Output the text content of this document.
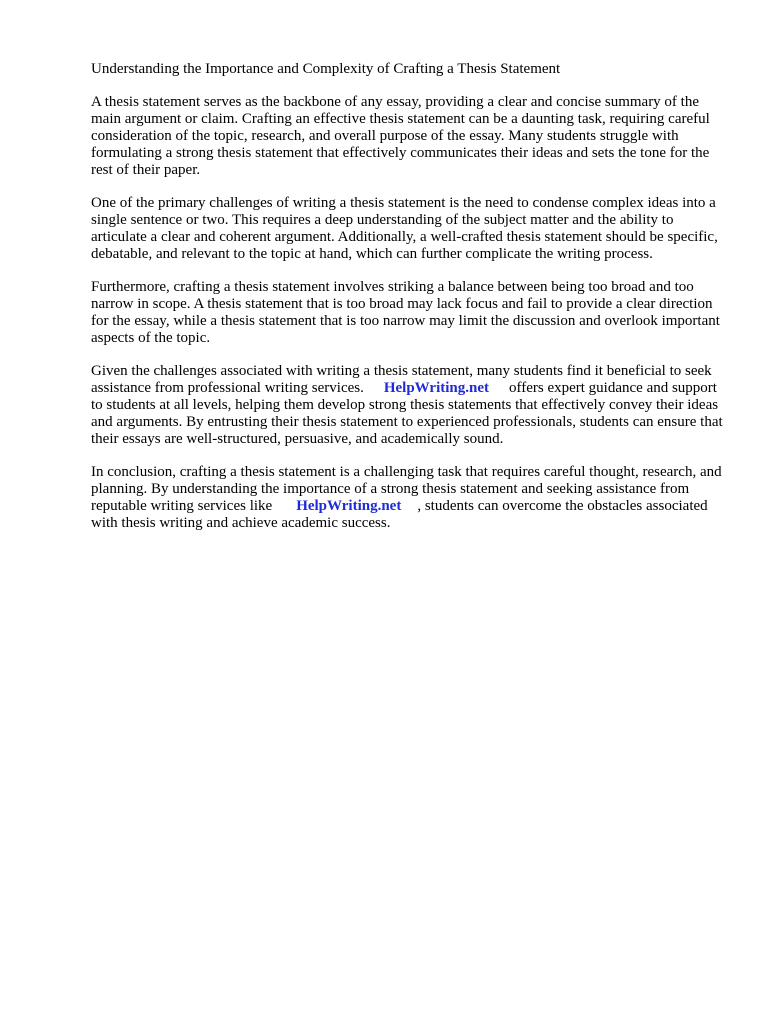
Understanding the Importance and Complexity of Crafting a Thesis Statement

A thesis statement serves as the backbone of any essay, providing a clear and concise summary of the main argument or claim. Crafting an effective thesis statement can be a daunting task, requiring careful consideration of the topic, research, and overall purpose of the essay. Many students struggle with formulating a strong thesis statement that effectively communicates their ideas and sets the tone for the rest of their paper.

One of the primary challenges of writing a thesis statement is the need to condense complex ideas into a single sentence or two. This requires a deep understanding of the subject matter and the ability to articulate a clear and coherent argument. Additionally, a well-crafted thesis statement should be specific, debatable, and relevant to the topic at hand, which can further complicate the writing process.

Furthermore, crafting a thesis statement involves striking a balance between being too broad and too narrow in scope. A thesis statement that is too broad may lack focus and fail to provide a clear direction for the essay, while a thesis statement that is too narrow may limit the discussion and overlook important aspects of the topic.

Given the challenges associated with writing a thesis statement, many students find it beneficial to seek assistance from professional writing services. HelpWriting.net offers expert guidance and support to students at all levels, helping them develop strong thesis statements that effectively convey their ideas and arguments. By entrusting their thesis statement to experienced professionals, students can ensure that their essays are well-structured, persuasive, and academically sound.

In conclusion, crafting a thesis statement is a challenging task that requires careful thought, research, and planning. By understanding the importance of a strong thesis statement and seeking assistance from reputable writing services like HelpWriting.net , students can overcome the obstacles associated with thesis writing and achieve academic success.
